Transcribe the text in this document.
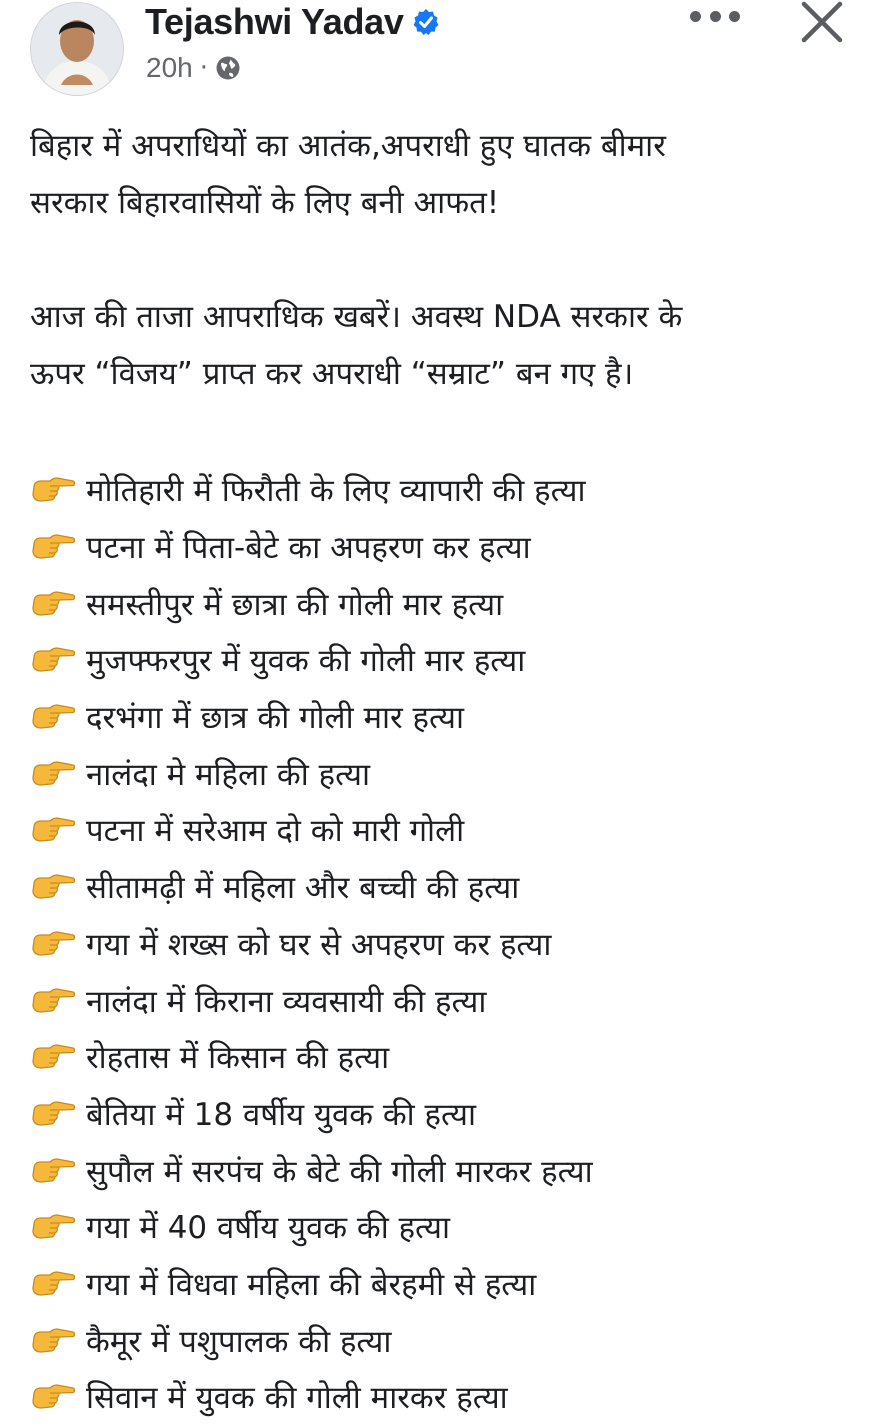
Tejashwi Yadav
20h ·

बिहार में अपराधियों का आतंक,अपराधी हुए घातक बीमार

सरकार बिहारवासियों के लिए बनी आफत!

आज की ताजा आपराधिक खबरें। अवस्थ NDA सरकार के

ऊपर “विजय” प्राप्त कर अपराधी “सम्राट” बन गए है।

मोतिहारी में फिरौती के लिए व्यापारी की हत्या
पटना में पिता-बेटे का अपहरण कर हत्या
समस्तीपुर में छात्रा की गोली मार हत्या
मुजफ्फरपुर में युवक की गोली मार हत्या
दरभंगा में छात्र की गोली मार हत्या
नालंदा मे महिला की हत्या
पटना में सरेआम दो को मारी गोली
सीतामढ़ी में महिला और बच्ची की हत्या
गया में शख्स को घर से अपहरण कर हत्या
नालंदा में किराना व्यवसायी की हत्या
रोहतास में किसान की हत्या
बेतिया में 18 वर्षीय युवक की हत्या
सुपौल में सरपंच के बेटे की गोली मारकर हत्या
गया में 40 वर्षीय युवक की हत्या
गया में विधवा महिला की बेरहमी से हत्या
कैमूर में पशुपालक की हत्या
सिवान में युवक की गोली मारकर हत्या
